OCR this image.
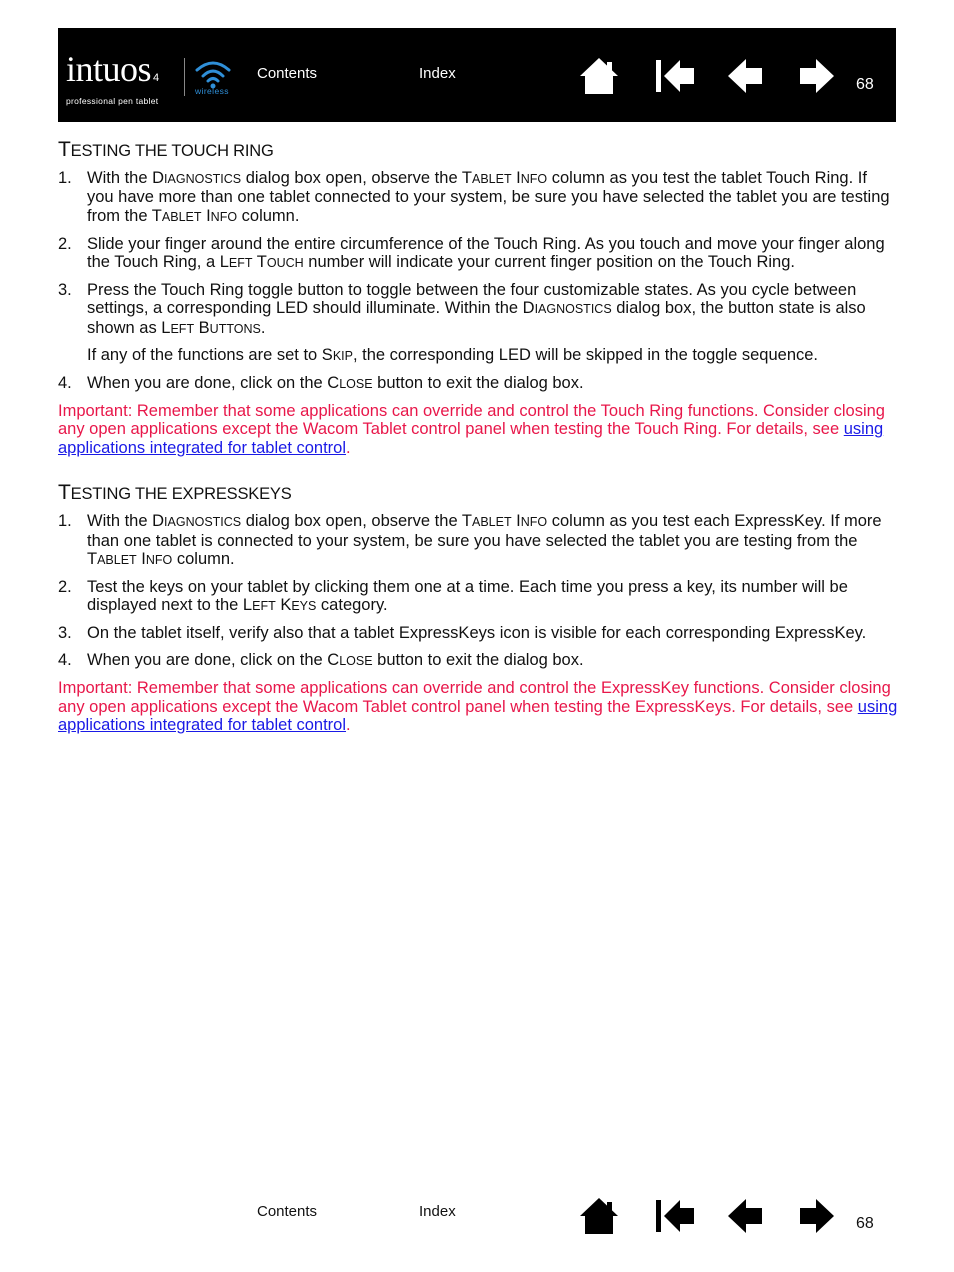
intuos 4
professional pen tablet
wireless
Contents	Index
68
TESTING THE TOUCH RING
1. With the DIAGNOSTICS dialog box open, observe the TABLET INFO column as you test the tablet Touch Ring. If you have more than one tablet connected to your system, be sure you have selected the tablet you are testing from the TABLET INFO column.
2. Slide your finger around the entire circumference of the Touch Ring. As you touch and move your finger along the Touch Ring, a LEFT TOUCH number will indicate your current finger position on the Touch Ring.
3. Press the Touch Ring toggle button to toggle between the four customizable states. As you cycle between settings, a corresponding LED should illuminate. Within the DIAGNOSTICS dialog box, the button state is also shown as LEFT BUTTONS.

If any of the functions are set to SKIP, the corresponding LED will be skipped in the toggle sequence.

4. When you are done, click on the CLOSE button to exit the dialog box.

Important: Remember that some applications can override and control the Touch Ring functions. Consider closing any open applications except the Wacom Tablet control panel when testing the Touch Ring. For details, see using applications integrated for tablet control.

TESTING THE EXPRESSKEYS
1. With the DIAGNOSTICS dialog box open, observe the TABLET INFO column as you test each ExpressKey. If more than one tablet is connected to your system, be sure you have selected the tablet you are testing from the TABLET INFO column.
2. Test the keys on your tablet by clicking them one at a time. Each time you press a key, its number will be displayed next to the LEFT KEYS category.
3. On the tablet itself, verify also that a tablet ExpressKeys icon is visible for each corresponding ExpressKey.
4. When you are done, click on the CLOSE button to exit the dialog box.

Important: Remember that some applications can override and control the ExpressKey functions. Consider closing any open applications except the Wacom Tablet control panel when testing the ExpressKeys. For details, see using applications integrated for tablet control.

Contents	Index
68
